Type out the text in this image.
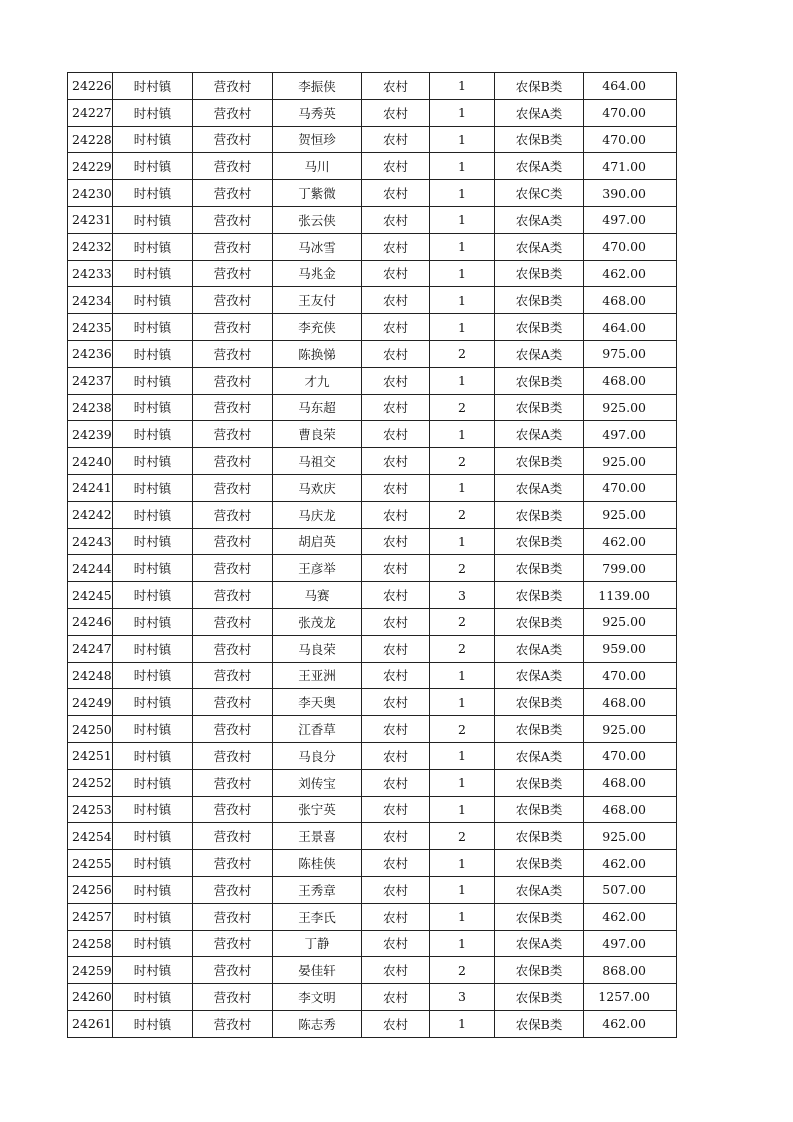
24226	时村镇	营孜村	李振侠	农村	1	农保B类	464.00
24227	时村镇	营孜村	马秀英	农村	1	农保A类	470.00
24228	时村镇	营孜村	贺恒珍	农村	1	农保B类	470.00
24229	时村镇	营孜村	马川	农村	1	农保A类	471.00
24230	时村镇	营孜村	丁紫微	农村	1	农保C类	390.00
24231	时村镇	营孜村	张云侠	农村	1	农保A类	497.00
24232	时村镇	营孜村	马冰雪	农村	1	农保A类	470.00
24233	时村镇	营孜村	马兆金	农村	1	农保B类	462.00
24234	时村镇	营孜村	王友付	农村	1	农保B类	468.00
24235	时村镇	营孜村	李充侠	农村	1	农保B类	464.00
24236	时村镇	营孜村	陈换悌	农村	2	农保A类	975.00
24237	时村镇	营孜村	才九	农村	1	农保B类	468.00
24238	时村镇	营孜村	马东超	农村	2	农保B类	925.00
24239	时村镇	营孜村	曹良荣	农村	1	农保A类	497.00
24240	时村镇	营孜村	马祖交	农村	2	农保B类	925.00
24241	时村镇	营孜村	马欢庆	农村	1	农保A类	470.00
24242	时村镇	营孜村	马庆龙	农村	2	农保B类	925.00
24243	时村镇	营孜村	胡启英	农村	1	农保B类	462.00
24244	时村镇	营孜村	王彦举	农村	2	农保B类	799.00
24245	时村镇	营孜村	马赛	农村	3	农保B类	1139.00
24246	时村镇	营孜村	张茂龙	农村	2	农保B类	925.00
24247	时村镇	营孜村	马良荣	农村	2	农保A类	959.00
24248	时村镇	营孜村	王亚洲	农村	1	农保A类	470.00
24249	时村镇	营孜村	李天奥	农村	1	农保B类	468.00
24250	时村镇	营孜村	江香草	农村	2	农保B类	925.00
24251	时村镇	营孜村	马良分	农村	1	农保A类	470.00
24252	时村镇	营孜村	刘传宝	农村	1	农保B类	468.00
24253	时村镇	营孜村	张宁英	农村	1	农保B类	468.00
24254	时村镇	营孜村	王景喜	农村	2	农保B类	925.00
24255	时村镇	营孜村	陈桂侠	农村	1	农保B类	462.00
24256	时村镇	营孜村	王秀章	农村	1	农保A类	507.00
24257	时村镇	营孜村	王李氏	农村	1	农保B类	462.00
24258	时村镇	营孜村	丁静	农村	1	农保A类	497.00
24259	时村镇	营孜村	晏佳轩	农村	2	农保B类	868.00
24260	时村镇	营孜村	李文明	农村	3	农保B类	1257.00
24261	时村镇	营孜村	陈志秀	农村	1	农保B类	462.00
